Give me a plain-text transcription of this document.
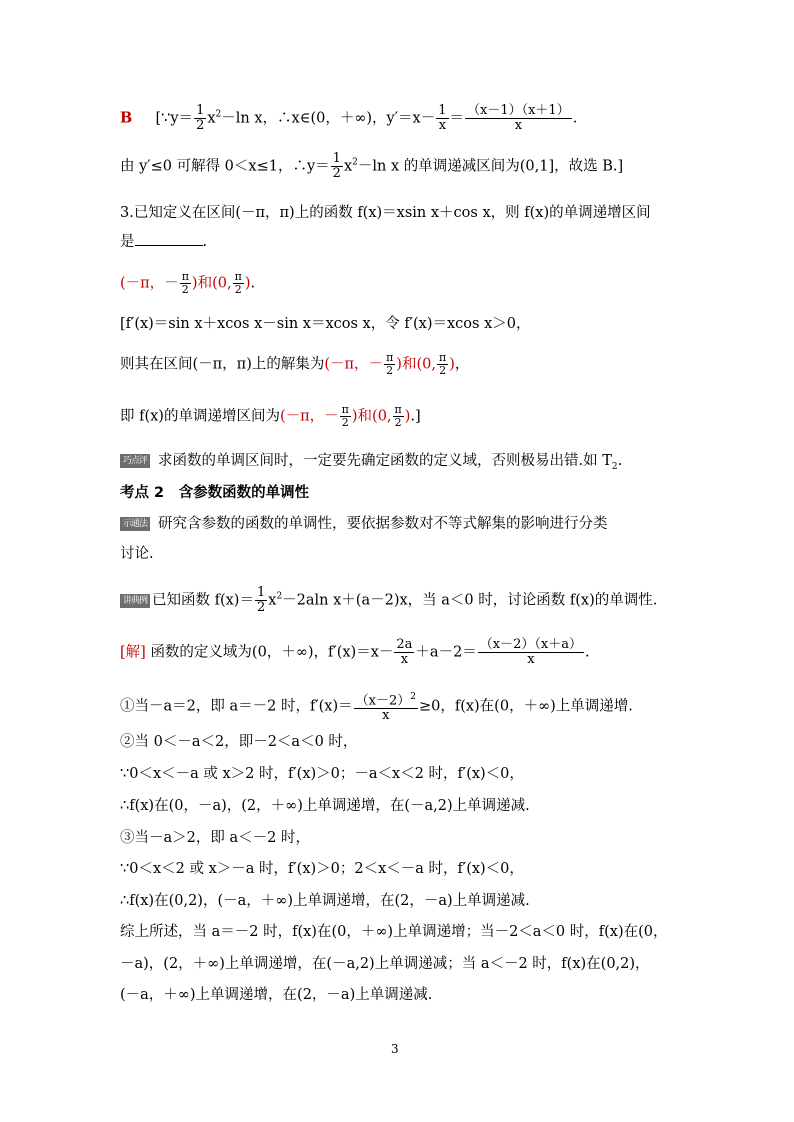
B [∵y＝ $\frac{1}{2} x^2-\ln$ x，∴x∈(0，＋∞)，$y'=x- \frac{1}{x} = \frac{(x-1)(x+1)}{x}$ .
由 y′≤0 可解得 0＜x≤1，∴y＝ $\frac{1}{2} x^2-\ln$ x 的单调递减区间为(0,1]，故选 B.]
3.已知定义在区间(－π，π)上的函数 f(x)＝xsin x＋cos x，则 f(x)的单调递增区间
是	.
(－π，－ $\frac{\pi}{2}$ )和(0, $\frac{\pi}{2}$ ).
[f′(x)＝sin x＋xcos x－sin x＝xcos x，令 f′(x)＝xcos x＞0，
则其在区间(－π，π)上的解集为(－π，－ $\frac{\pi}{2}$ )和(0, $\frac{\pi}{2}$ )，
即 f(x)的单调递增区间为(－π，－ $\frac{\pi}{2}$ )和(0, $\frac{\pi}{2}$ ).]
巧点评 求函数的单调区间时，一定要先确定函数的定义域，否则极易出错.如 $T_2$.
考点 2　含参数函数的单调性
示通法 研究含参数的函数的单调性，要依据参数对不等式解集的影响进行分类
讨论.
讲典例 已知函数 $f(x)= \frac{1}{2} x^2-2aln$ x＋(a－2)x，当 a＜0 时，讨论函数 f(x)的单调性.
[解] 函数的定义域为(0，＋∞)，$f'(x)=x- \frac{2a}{x} +a-2= \frac{(x-2)(x+a)}{x}$ .
①当－a＝2，即 a＝－2 时，$f'(x)= \frac{(x-2)^2}{x} \ge 0$，f(x)在(0，＋∞)上单调递增.
②当 0＜－a＜2，即－2＜a＜0 时，
∵0＜x＜－a 或 x＞2 时，f′(x)＞0；－a＜x＜2 时，f′(x)＜0，
∴f(x)在(0，－a)，(2，＋∞)上单调递增，在(－a,2)上单调递减.
③当－a＞2，即 a＜－2 时，
∵0＜x＜2 或 x＞－a 时，f′(x)＞0；2＜x＜－a 时，f′(x)＜0，
∴f(x)在(0,2)，(－a，＋∞)上单调递增，在(2，－a)上单调递减.
综上所述，当 a＝－2 时，f(x)在(0，＋∞)上单调递增；当－2＜a＜0 时，f(x)在(0，
－a)，(2，＋∞)上单调递增，在(－a,2)上单调递减；当 a＜－2 时，f(x)在(0,2)，
(－a，＋∞)上单调递增，在(2，－a)上单调递减.
3
